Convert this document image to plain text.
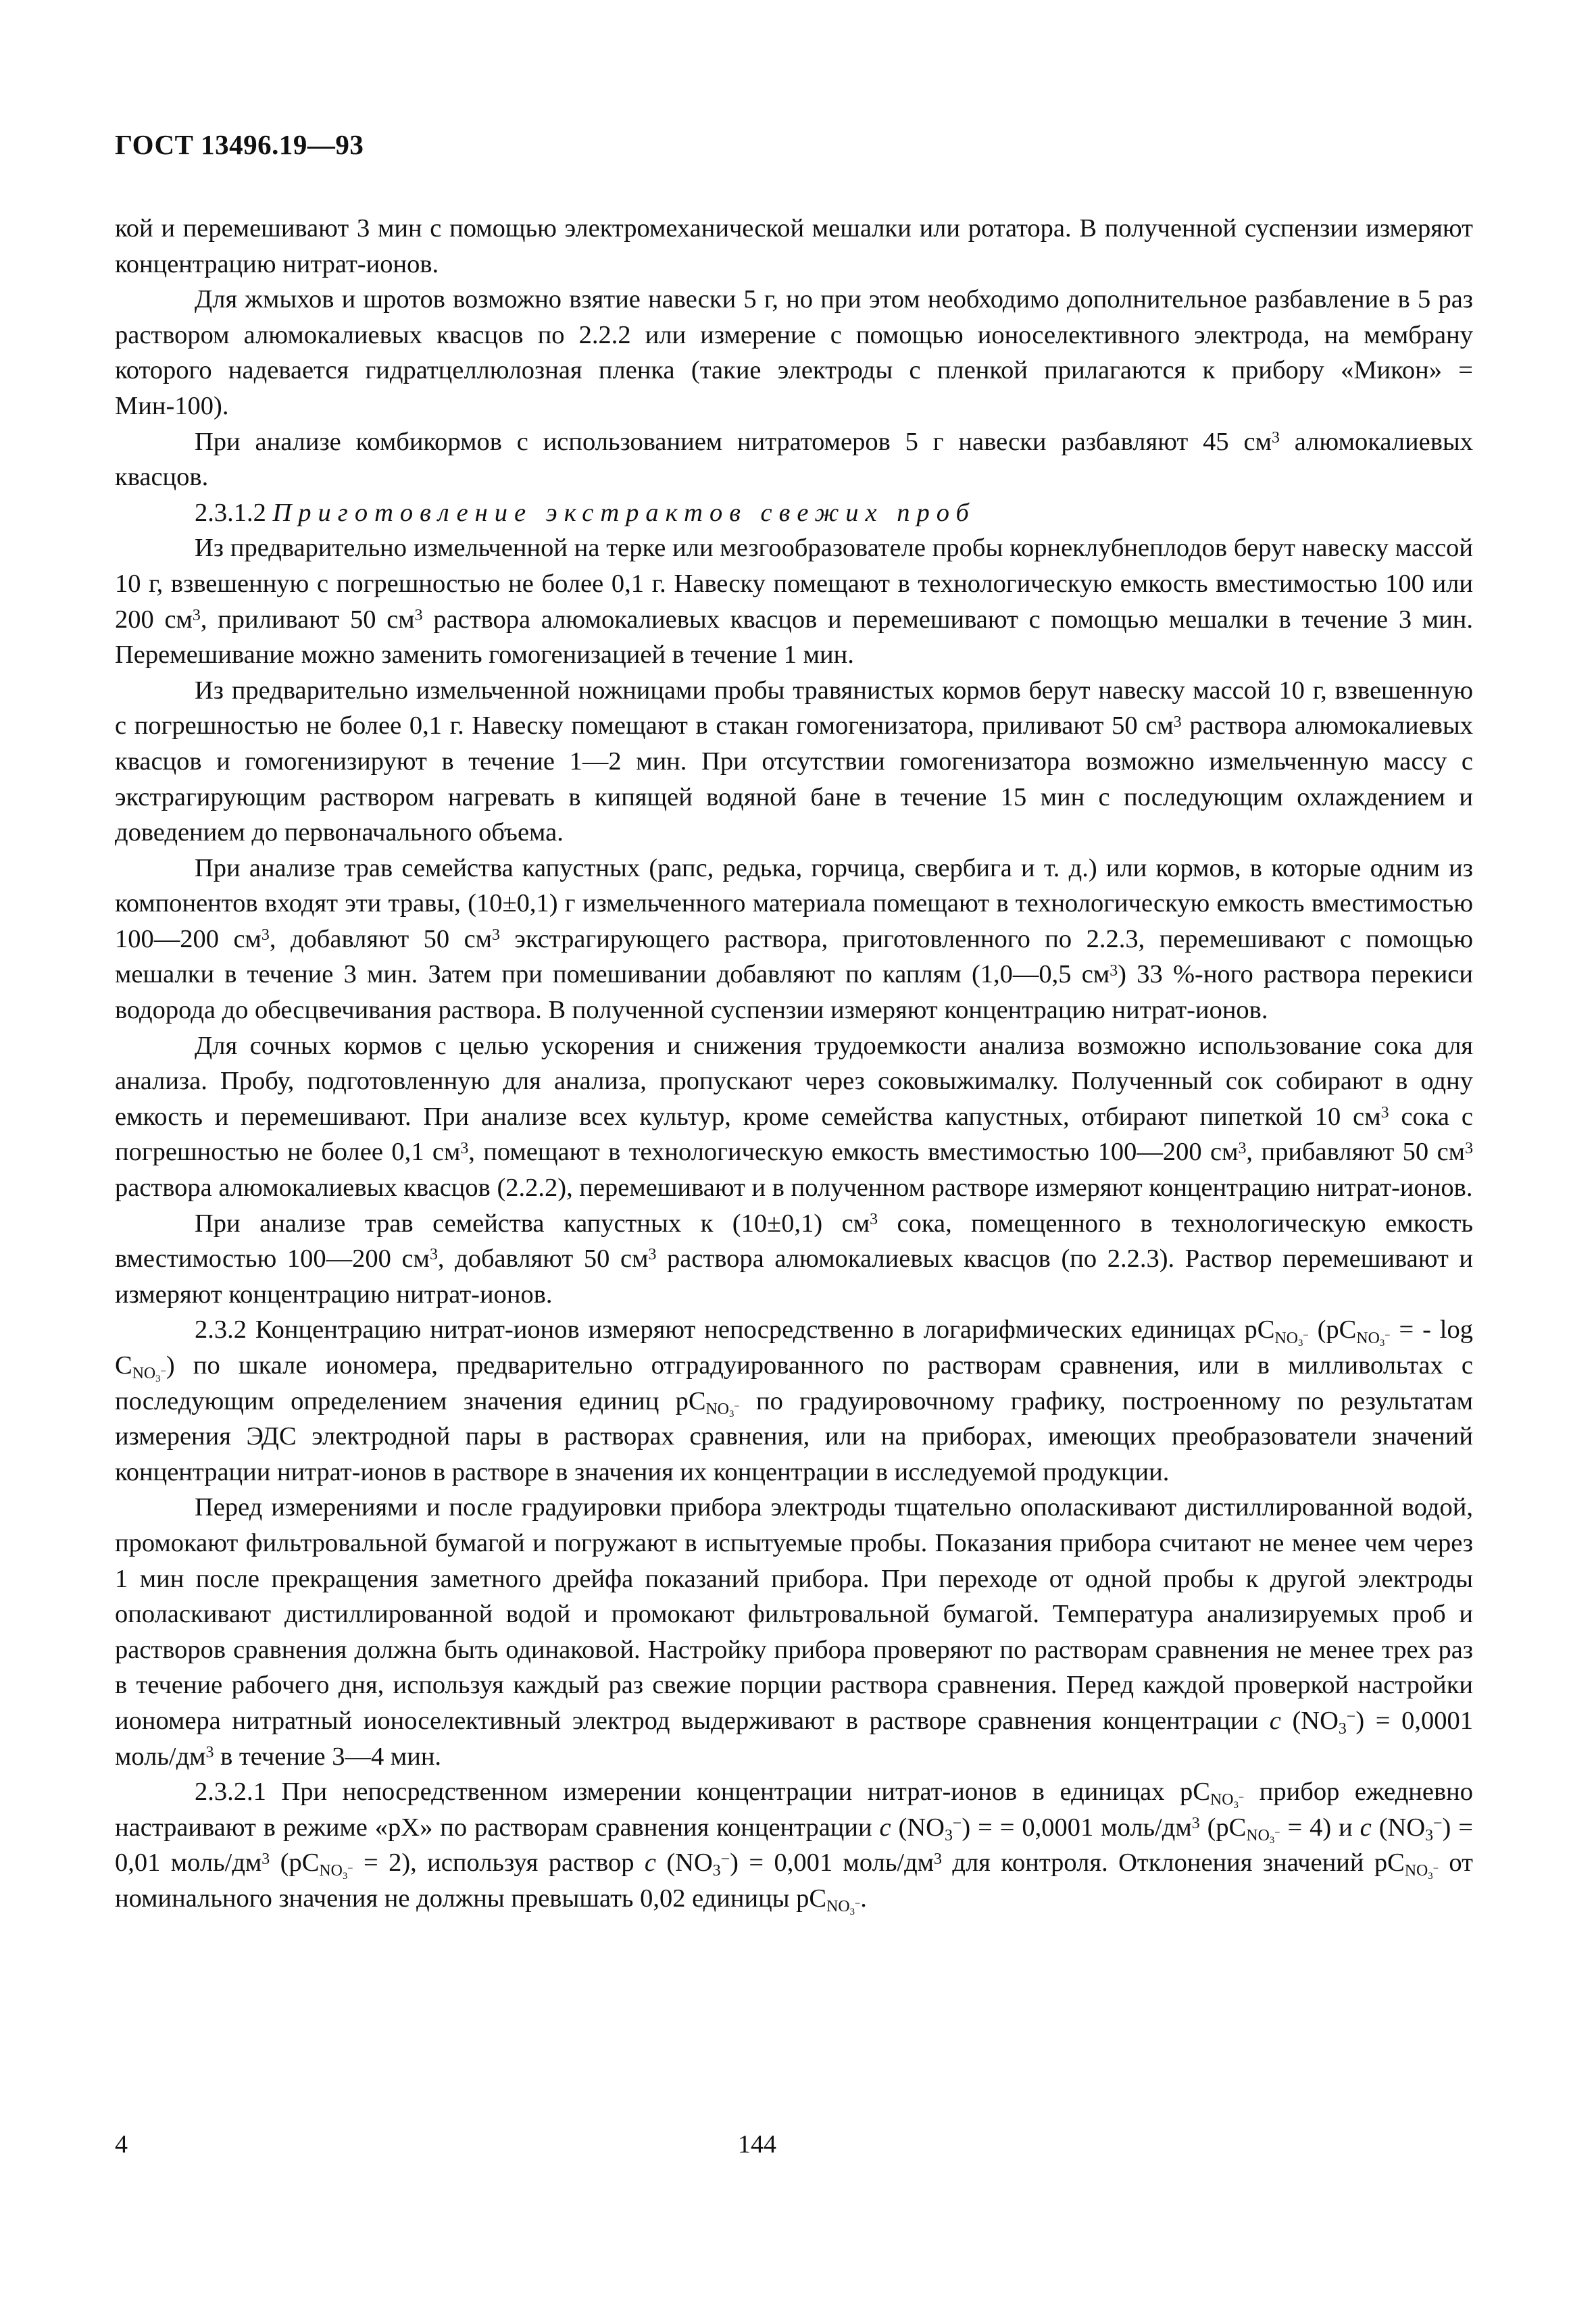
ГОСТ 13496.19—93

кой и перемешивают 3 мин с помощью электромеханической мешалки или ротатора. В полученной суспензии измеряют концентрацию нитрат-ионов.

Для жмыхов и шротов возможно взятие навески 5 г, но при этом необходимо дополнительное разбавление в 5 раз раствором алюмокалиевых квасцов по 2.2.2 или измерение с помощью ионоселективного электрода, на мембрану которого надевается гидратцеллюлозная пленка (такие электроды с пленкой прилагаются к прибору «Микон» = Мин-100).

При анализе комбикормов с использованием нитратомеров 5 г навески разбавляют 45 $см^3$ алюмокалиевых квасцов.

2.3.1.2 Приготовление экстрактов свежих проб

Из предварительно измельченной на терке или мезгообразователе пробы корнеклубнеплодов берут навеску массой 10 г, взвешенную с погрешностью не более 0,1 г. Навеску помещают в технологическую емкость вместимостью 100 или 200 $см^3$, приливают 50 $см^3$ раствора алюмокалиевых квасцов и перемешивают с помощью мешалки в течение 3 мин. Перемешивание можно заменить гомогенизацией в течение 1 мин.

Из предварительно измельченной ножницами пробы травянистых кормов берут навеску массой 10 г, взвешенную с погрешностью не более 0,1 г. Навеску помещают в стакан гомогенизатора, приливают 50 $см^3$ раствора алюмокалиевых квасцов и гомогенизируют в течение 1—2 мин. При отсутствии гомогенизатора возможно измельченную массу с экстрагирующим раствором нагревать в кипящей водяной бане в течение 15 мин с последующим охлаждением и доведением до первоначального объема.

При анализе трав семейства капустных (рапс, редька, горчица, свербига и т. д.) или кормов, в которые одним из компонентов входят эти травы, (10±0,1) г измельченного материала помещают в технологическую емкость вместимостью 100—200 $см^3$, добавляют 50 $см^3$ экстрагирующего раствора, приготовленного по 2.2.3, перемешивают с помощью мешалки в течение 3 мин. Затем при помешивании добавляют по каплям (1,0—0,5 $см^3$) 33 %-ного раствора перекиси водорода до обесцвечивания раствора. В полученной суспензии измеряют концентрацию нитрат-ионов.

Для сочных кормов с целью ускорения и снижения трудоемкости анализа возможно использование сока для анализа. Пробу, подготовленную для анализа, пропускают через соковыжималку. Полученный сок собирают в одну емкость и перемешивают. При анализе всех культур, кроме семейства капустных, отбирают пипеткой 10 $см^3$ сока с погрешностью не более 0,1 $см^3$, помещают в технологическую емкость вместимостью 100—200 $см^3$, прибавляют 50 $см^3$ раствора алюмокалиевых квасцов (2.2.2), перемешивают и в полученном растворе измеряют концентрацию нитрат-ионов.

При анализе трав семейства капустных к (10±0,1) $см^3$ сока, помещенного в технологическую емкость вместимостью 100—200 $см^3$, добавляют 50 $см^3$ раствора алюмокалиевых квасцов (по 2.2.3). Раствор перемешивают и измеряют концентрацию нитрат-ионов.

2.3.2 Концентрацию нитрат-ионов измеряют непосредственно в логарифмических единицах $pC_{NO_3^-}$ ($pC_{NO_3^-}$ = - $\log C_{NO_3^-}$) по шкале иономера, предварительно отградуированного по растворам сравнения, или в милливольтах с последующим определением значения единиц $pC_{NO_3^-}$ по градуировочному графику, построенному по результатам измерения ЭДС электродной пары в растворах сравнения, или на приборах, имеющих преобразователи значений концентрации нитрат-ионов в растворе в значения их концентрации в исследуемой продукции.

Перед измерениями и после градуировки прибора электроды тщательно ополаскивают дистиллированной водой, промокают фильтровальной бумагой и погружают в испытуемые пробы. Показания прибора считают не менее чем через 1 мин после прекращения заметного дрейфа показаний прибора. При переходе от одной пробы к другой электроды ополаскивают дистиллированной водой и промокают фильтровальной бумагой. Температура анализируемых проб и растворов сравнения должна быть одинаковой. Настройку прибора проверяют по растворам сравнения не менее трех раз в течение рабочего дня, используя каждый раз свежие порции раствора сравнения. Перед каждой проверкой настройки иономера нитратный ионоселективный электрод выдерживают в растворе сравнения концентрации c $(NO_3^-) = 0,0001$ моль/$дм^3$ в течение 3—4 мин.

2.3.2.1 При непосредственном измерении концентрации нитрат-ионов в единицах $pC_{NO_3^-}$ прибор ежедневно настраивают в режиме «pX» по растворам сравнения концентрации c $(NO_3^-)$ = = 0,0001 моль/$дм^3$ $(pC_{NO_3^-} = 4)$ и c $(NO_3^-) = 0,01$ моль/$дм^3$ $(pC_{NO_3^-} = 2)$, используя раствор c $(NO_3^-) = 0,001$ моль/$дм^3$ для контроля. Отклонения значений $pC_{NO_3^-}$ от номинального значения не должны превышать 0,02 единицы $pC_{NO_3^-}$.

4	144
